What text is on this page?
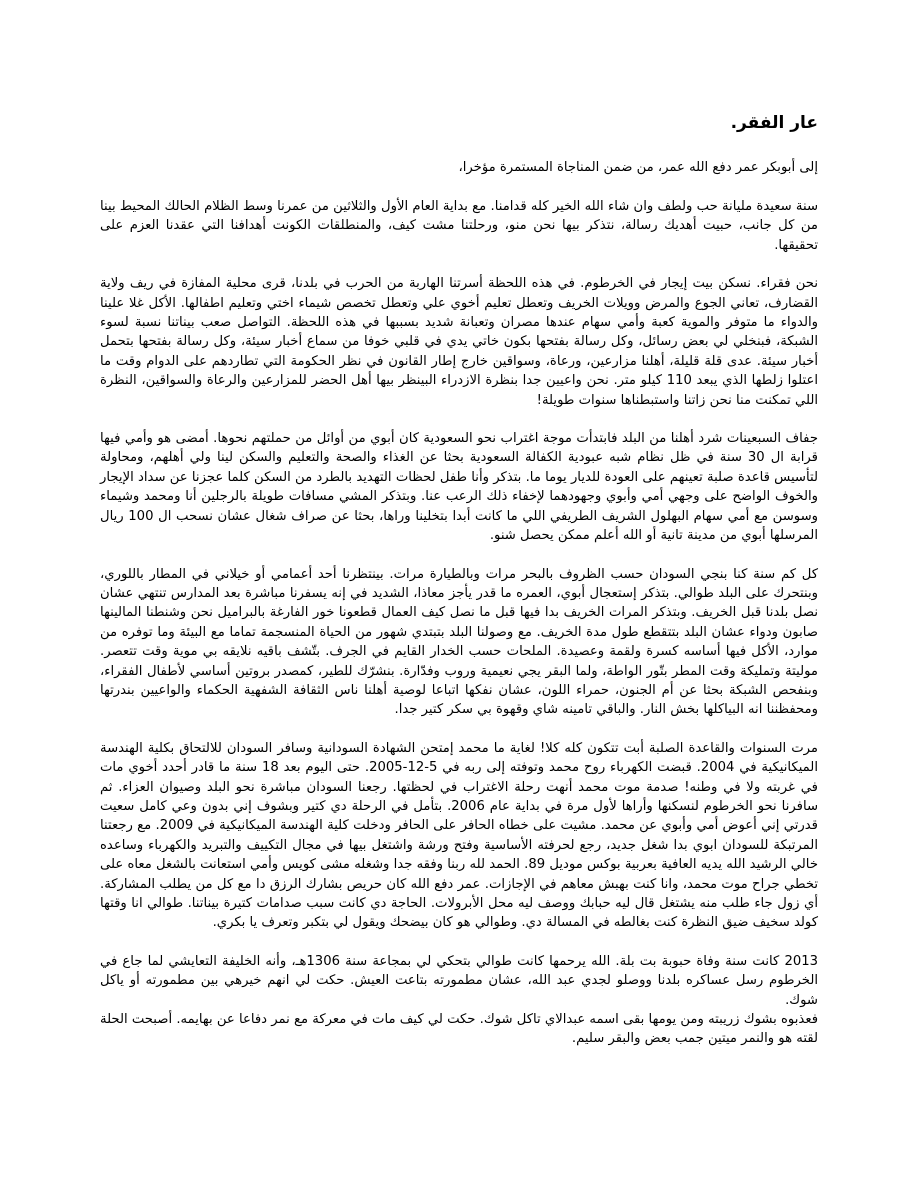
عار الفقر.

إلى أبوبكر عمر دفع الله عمر، من ضمن المناجاة المستمرة مؤخرا،

سنة سعيدة مليانة حب ولطف وان شاء الله الخير كله قدامنا. مع بداية العام الأول والثلاثين من عمرنا وسط الظلام الحالك المحيط بينا من كل جانب، حبيت أهديك رسالة، نتذكر بيها نحن منو، ورحلتنا مشت كيف، والمنطلقات الكونت أهدافنا التي عقدنا العزم على تحقيقها.

نحن فقراء. نسكن بيت إيجار في الخرطوم. في هذه اللحظة أسرتنا الهاربة من الحرب في بلدنا، قرى محلية المفازة في ريف ولاية القضارف، تعاني الجوع والمرض وويلات الخريف وتعطل تعليم أخوي علي وتعطل تخصص شيماء اختي وتعليم اطفالها. الأكل غلا علينا والدواء ما متوفر والموية كعبة وأمي سهام عندها مصران وتعبانة شديد بسببها في هذه اللحظة. التواصل صعب بيناتنا نسبة لسوء الشبكة، فبنخلي لي بعض رسائل، وكل رسالة بفتحها بكون خاتي يدي في قلبي خوفا من سماع أخبار سيئة، وكل رسالة بفتحها بتحمل أخبار سيئة. عدى قلة قليلة، أهلنا مزارعين، ورعاة، وسواقين خارج إطار القانون في نظر الحكومة التي تطاردهم على الدوام وقت ما اعتلوا زلطها الذي يبعد 110 كيلو متر. نحن واعيين جدا بنظرة الازدراء البينظر بيها أهل الحضر للمزارعين والرعاة والسواقين، النظرة اللي تمكنت منا نحن زاتنا واستبطناها سنوات طويلة!

جفاف السبعينات شرد أهلنا من البلد فابتدأت موجة اغتراب نحو السعودية كان أبوي من أوائل من حملتهم نحوها. أمضى هو وأمي فيها قرابة ال 30 سنة في ظل نظام شبه عبودية الكفالة السعودية بحثا عن الغذاء والصحة والتعليم والسكن لينا ولي أهلهم، ومحاولة لتأسيس قاعدة صلبة تعينهم على العودة للديار يوما ما. بتذكر وأنا طفل لحظات التهديد بالطرد من السكن كلما عجزنا عن سداد الإيجار والخوف الواضح على وجهي أمي وأبوي وجهودهما لإخفاء ذلك الرعب عنا. وبتذكر المشي مسافات طويلة بالرجلين أنا ومحمد وشيماء وسوسن مع أمي سهام البهلول الشريف الطريفي اللي ما كانت أبدا بتخلينا وراها، بحثا عن صراف شغال عشان نسحب ال 100 ريال المرسلها أبوي من مدينة تانية أو الله أعلم ممكن يحصل شنو.

كل كم سنة كنا بنجي السودان حسب الظروف بالبحر مرات وبالطيارة مرات. بينتظرنا أحد أعمامي أو خيلاني في المطار باللوري، وبنتحرك على البلد طوالي. بتذكر إستعجال أبوي، العمره ما قدر يأجز معاذا، الشديد في إنه يسفرنا مباشرة بعد المدارس تنتهي عشان نصل بلدنا قبل الخريف. وبتذكر المرات الخريف بدا فيها قبل ما نصل كيف العمال قطعونا خور الفارغة بالبراميل نحن وشنطنا المالينها صابون ودواء عشان البلد بتتقطع طول مدة الخريف. مع وصولنا البلد بتبتدي شهور من الحياة المنسجمة تماما مع البيئة وما توفره من موارد، الأكل فيها أساسه كسرة ولقمة وعصيدة. الملحات حسب الخدار القايم في الجرف. بتّشف باقيه نلايقه بي موية وقت تتعصر. موليتة وتمليكة وقت المطر بتّور الواطة، ولما البقر يجي نعيمية وروب وفدّارة. بنشرّك للطير، كمصدر بروتين أساسي لأطفال الفقراء، وبنفحص الشبكة بحثا عن أم الجنون، حمراء اللون، عشان نفكها اتباعا لوصية أهلنا ناس الثقافة الشفهية الحكماء والواعيين بندرتها ومحفظننا انه البياكلها بخش النار. والباقي تامينه شاي وقهوة بي سكر كتير جدا.

مرت السنوات والقاعدة الصلبة أبت تتكون كله كلا! لغاية ما محمد إمتحن الشهادة السودانية وسافر السودان للالتحاق بكلية الهندسة الميكانيكية في 2004. قبضت الكهرباء روح محمد وتوفته إلى ربه في 5-12-2005. حتى اليوم بعد 18 سنة ما قادر أحدد أخوي مات في غربته ولا في وطنه! صدمة موت محمد أنهت رحلة الاغتراب في لحظتها. رجعنا السودان مباشرة نحو البلد وصيوان العزاء. ثم سافرنا نحو الخرطوم لنسكنها وأراها لأول مرة في بداية عام 2006. بتأمل في الرحلة دي كتير وبشوف إني بدون وعي كامل سعيت قدرتي إني أعوض أمي وأبوي عن محمد. مشيت على خطاه الحافر على الحافر ودخلت كلية الهندسة الميكانيكية في 2009. مع رجعتنا المرتبكة للسودان ابوي بدا شغل جديد، رجع لحرفته الأساسية وفتح ورشة واشتغل بيها في مجال التكييف والتبريد والكهرباء وساعده خالي الرشيد الله يديه العافية بعربية بوكس موديل 89. الحمد لله ربنا وفقه جدا وشغله مشى كويس وأمي استعانت بالشغل معاه على تخطي جراح موت محمد، وانا كنت بهبش معاهم في الإجازات. عمر دفع الله كان حريص بشارك الرزق دا مع كل من يطلب المشاركة. أي زول جاء طلب منه يشتغل قال ليه حبابك ووصف ليه محل الأبرولات. الحاجة دي كانت سبب صدامات كتيرة بيناتنا. طوالي انا وقتها كولد سخيف ضيق النظرة كنت بغالطه في المسالة دي. وطوالي هو كان بيضحك ويقول لي بتكبر وتعرف يا بكري.

2013 كانت سنة وفاة حبوبة بت بلة. الله يرحمها كانت طوالي بتحكي لي بمجاعة سنة 1306هـ، وأنه الخليفة التعايشي لما جاع في الخرطوم رسل عساكره بلدنا ووصلو لجدي عبد الله، عشان مطمورته بتاعت العيش. حكت لي انهم خيرهي بين مطمورته أو ياكل شوك.

فعذبوه بشوك زريبته ومن يومها بقى اسمه عبدالاي تاكل شوك. حكت لي كيف مات في معركة مع نمر دفاعا عن بهايمه. أصبحت الحلة لقته هو والنمر ميتين جمب بعض والبقر سليم.
